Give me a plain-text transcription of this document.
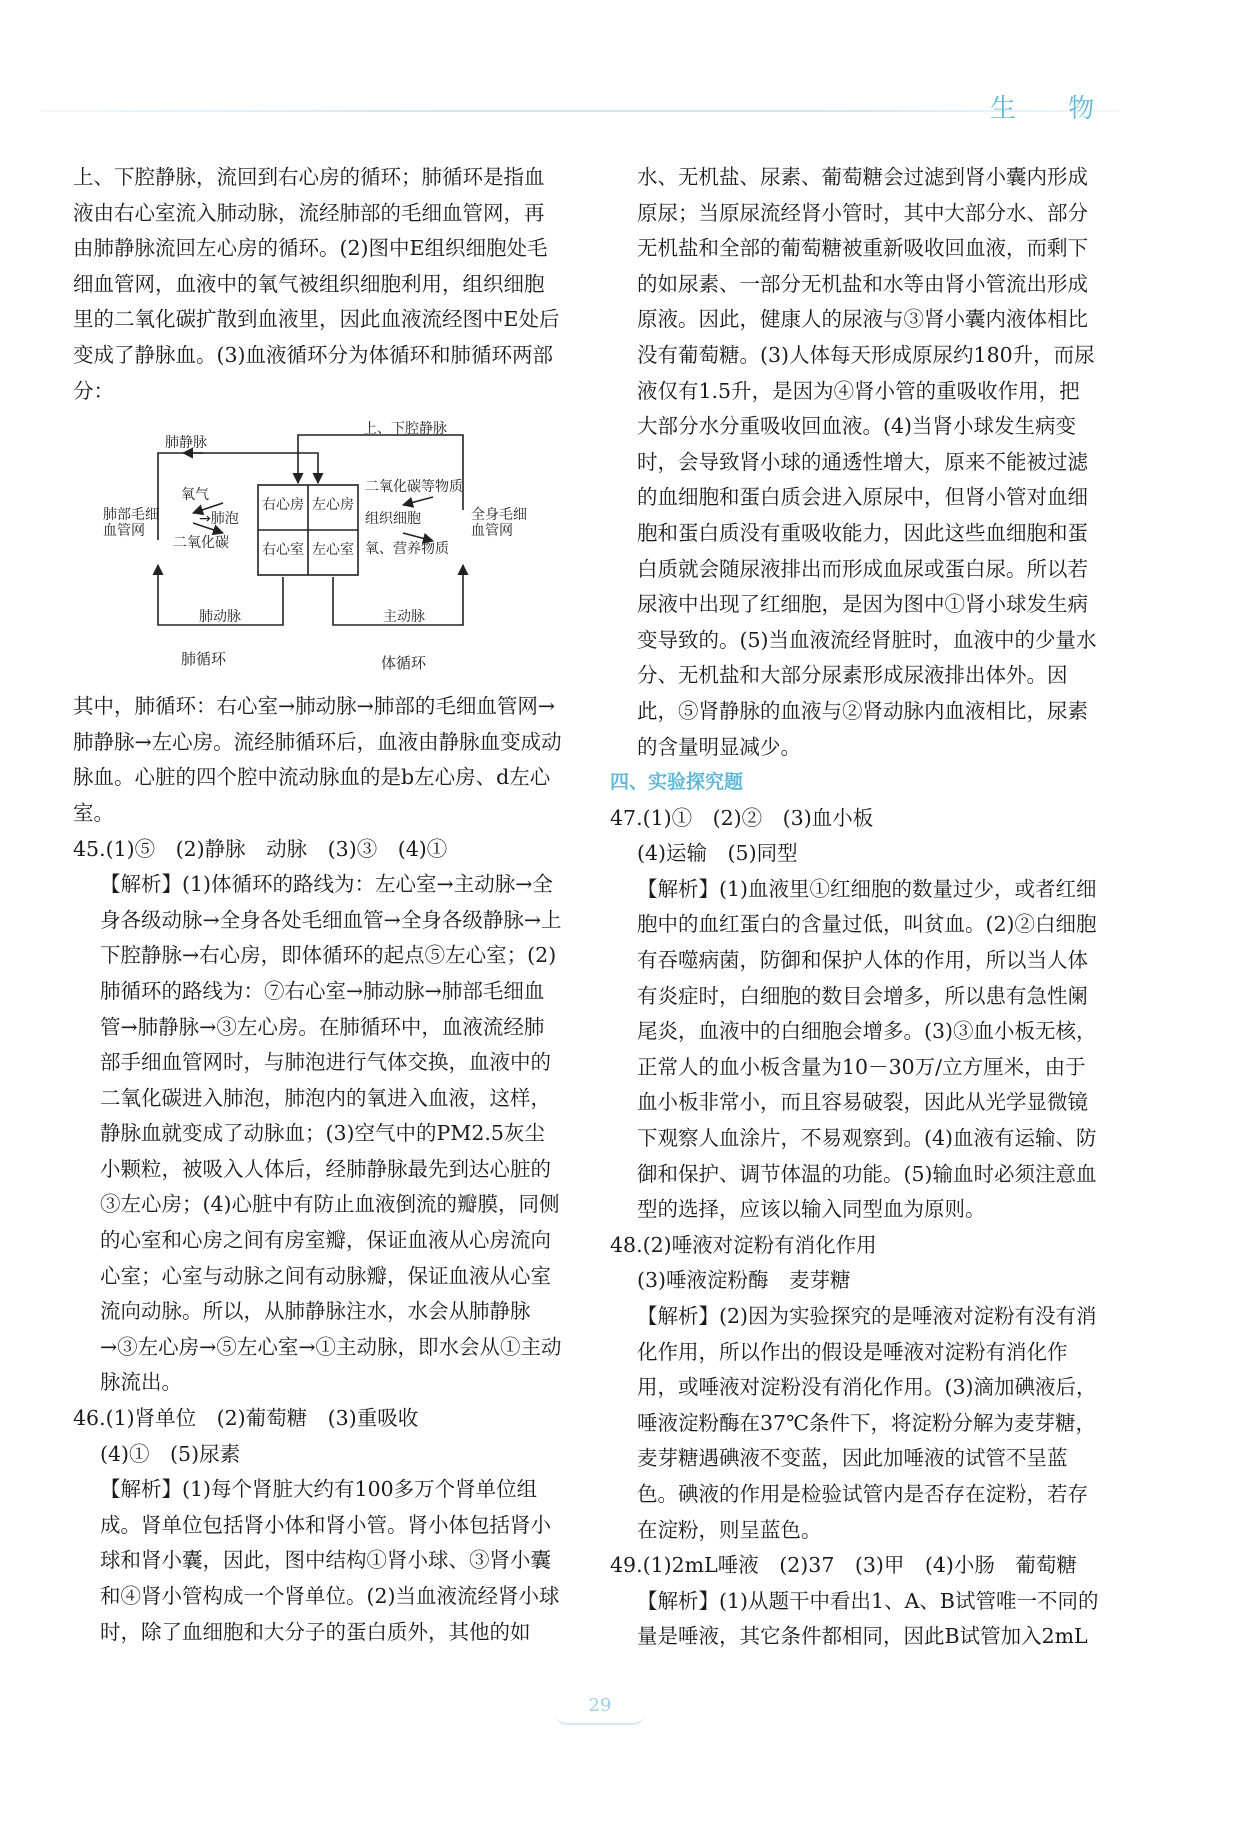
生 物

上、下腔静脉，流回到右心房的循环；肺循环是指血液由右心室流入肺动脉，流经肺部的毛细血管网，再由肺静脉流回左心房的循环。(2)图中E组织细胞处毛细血管网，血液中的氧气被组织细胞利用，组织细胞里的二氧化碳扩散到血液里，因此血液流经图中E处后变成了静脉血。(3)血液循环分为体循环和肺循环两部分：

肺静脉
上、下腔静脉
氧气
→肺泡
二氧化碳
肺部毛细
血管网
右心房 左心房
右心室 左心室
二氧化碳等物质
组织细胞
氧、营养物质
全身毛细
血管网
肺动脉	主动脉
肺循环	体循环

其中，肺循环：右心室→肺动脉→肺部的毛细血管网→肺静脉→左心房。流经肺循环后，血液由静脉血变成动脉血。心脏的四个腔中流动脉血的是b左心房、d左心室。

45.(1)⑤　(2)静脉　动脉　(3)③　(4)①

【解析】(1)体循环的路线为：左心室→主动脉→全身各级动脉→全身各处毛细血管→全身各级静脉→上下腔静脉→右心房，即体循环的起点⑤左心室；(2)肺循环的路线为：⑦右心室→肺动脉→肺部毛细血管→肺静脉→③左心房。在肺循环中，血液流经肺部手细血管网时，与肺泡进行气体交换，血液中的二氧化碳进入肺泡，肺泡内的氧进入血液，这样，静脉血就变成了动脉血；(3)空气中的PM2.5灰尘小颗粒，被吸入人体后，经肺静脉最先到达心脏的③左心房；(4)心脏中有防止血液倒流的瓣膜，同侧的心室和心房之间有房室瓣，保证血液从心房流向心室；心室与动脉之间有动脉瓣，保证血液从心室流向动脉。所以，从肺静脉注水，水会从肺静脉→③左心房→⑤左心室→①主动脉，即水会从①主动脉流出。

46.(1)肾单位　(2)葡萄糖　(3)重吸收

(4)①　(5)尿素

【解析】(1)每个肾脏大约有100多万个肾单位组成。肾单位包括肾小体和肾小管。肾小体包括肾小球和肾小囊，因此，图中结构①肾小球、③肾小囊和④肾小管构成一个肾单位。(2)当血液流经肾小球时，除了血细胞和大分子的蛋白质外，其他的如

水、无机盐、尿素、葡萄糖会过滤到肾小囊内形成原尿；当原尿流经肾小管时，其中大部分水、部分无机盐和全部的葡萄糖被重新吸收回血液，而剩下的如尿素、一部分无机盐和水等由肾小管流出形成原液。因此，健康人的尿液与③肾小囊内液体相比没有葡萄糖。(3)人体每天形成原尿约180升，而尿液仅有1.5升，是因为④肾小管的重吸收作用，把大部分水分重吸收回血液。(4)当肾小球发生病变时，会导致肾小球的通透性增大，原来不能被过滤的血细胞和蛋白质会进入原尿中，但肾小管对血细胞和蛋白质没有重吸收能力，因此这些血细胞和蛋白质就会随尿液排出而形成血尿或蛋白尿。所以若尿液中出现了红细胞，是因为图中①肾小球发生病变导致的。(5)当血液流经肾脏时，血液中的少量水分、无机盐和大部分尿素形成尿液排出体外。因此，⑤肾静脉的血液与②肾动脉内血液相比，尿素的含量明显减少。

四、实验探究题

47.(1)①　(2)②　(3)血小板

(4)运输　(5)同型

【解析】(1)血液里①红细胞的数量过少，或者红细胞中的血红蛋白的含量过低，叫贫血。(2)②白细胞有吞噬病菌，防御和保护人体的作用，所以当人体有炎症时，白细胞的数目会增多，所以患有急性阑尾炎，血液中的白细胞会增多。(3)③血小板无核，正常人的血小板含量为10－30万/立方厘米，由于血小板非常小，而且容易破裂，因此从光学显微镜下观察人血涂片，不易观察到。(4)血液有运输、防御和保护、调节体温的功能。(5)输血时必须注意血型的选择，应该以输入同型血为原则。

48.(2)唾液对淀粉有消化作用

(3)唾液淀粉酶　麦芽糖

【解析】(2)因为实验探究的是唾液对淀粉有没有消化作用，所以作出的假设是唾液对淀粉有消化作用，或唾液对淀粉没有消化作用。(3)滴加碘液后，唾液淀粉酶在37℃条件下，将淀粉分解为麦芽糖，麦芽糖遇碘液不变蓝，因此加唾液的试管不呈蓝色。碘液的作用是检验试管内是否存在淀粉，若存在淀粉，则呈蓝色。

49.(1)2mL唾液　(2)37　(3)甲　(4)小肠　葡萄糖

【解析】(1)从题干中看出1、A、B试管唯一不同的量是唾液，其它条件都相同，因此B试管加入2mL

29
